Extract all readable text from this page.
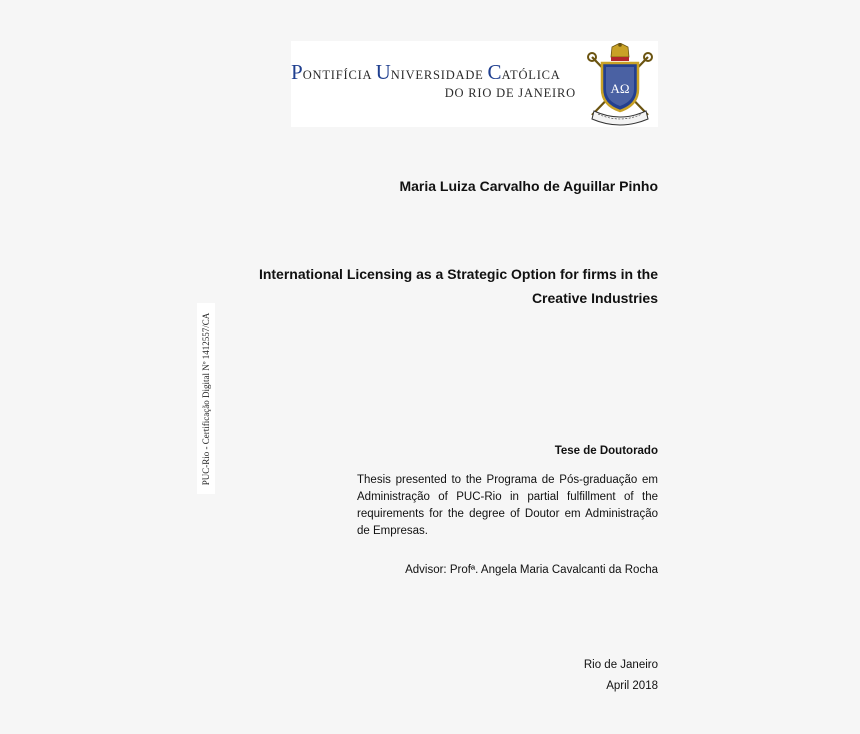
PONTIFÍCIA UNIVERSIDADE CATÓLICA
DO RIO DE JANEIRO	AΩ
Maria Luiza Carvalho de Aguillar Pinho
International Licensing as a Strategic Option for firms in the
Creative Industries
PUC-Rio - Certificação Digital Nº 1412557/CA	Tese de Doutorado
Thesis presented to the Programa de Pós-graduação em Administração of PUC-Rio in partial fulfillment of the requirements for the degree of Doutor em Administração de Empresas.
Advisor: Profª. Angela Maria Cavalcanti da Rocha
Rio de Janeiro
April 2018
